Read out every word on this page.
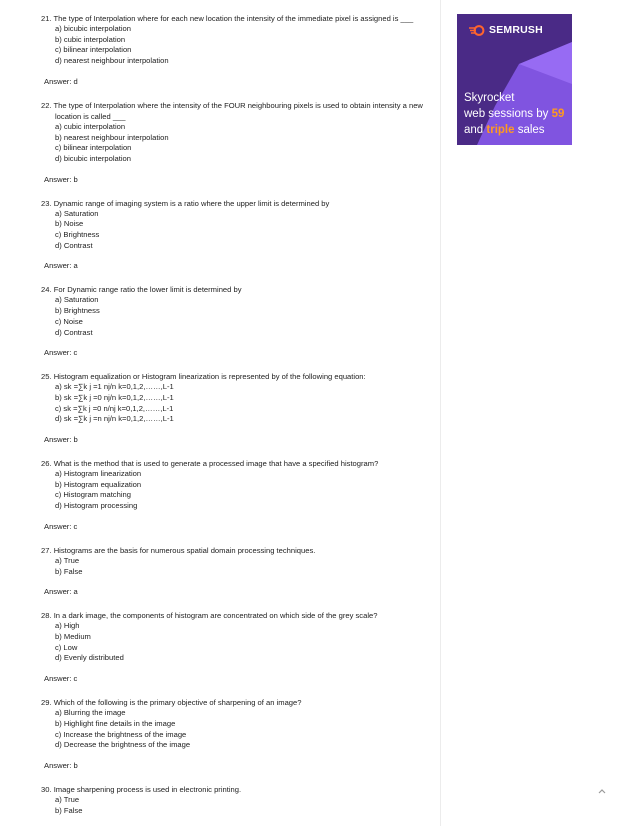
21. The type of Interpolation where for each new location the intensity of the immediate pixel is assigned is ___
a) bicubic interpolation
b) cubic interpolation
c) bilinear interpolation
d) nearest neighbour interpolation
Answer: d
22. The type of Interpolation where the intensity of the FOUR neighbouring pixels is used to obtain intensity a new location is called ___
a) cubic interpolation
b) nearest neighbour interpolation
c) bilinear interpolation
d) bicubic interpolation
Answer: b
23. Dynamic range of imaging system is a ratio where the upper limit is determined by
a) Saturation
b) Noise
c) Brightness
d) Contrast
Answer: a
24. For Dynamic range ratio the lower limit is determined by
a) Saturation
b) Brightness
c) Noise
d) Contrast
Answer: c
25. Histogram equalization or Histogram linearization is represented by of the following equation:
a) sk =∑k j =1 nj/n k=0,1,2,……,L-1
b) sk =∑k j =0 nj/n k=0,1,2,……,L-1
c) sk =∑k j =0 n/nj k=0,1,2,……,L-1
d) sk =∑k j =n nj/n k=0,1,2,……,L-1
Answer: b
26. What is the method that is used to generate a processed image that have a specified histogram?
a) Histogram linearization
b) Histogram equalization
c) Histogram matching
d) Histogram processing
Answer: c
27. Histograms are the basis for numerous spatial domain processing techniques.
a) True
b) False
Answer: a
28. In a dark image, the components of histogram are concentrated on which side of the grey scale?
a) High
b) Medium
c) Low
d) Evenly distributed
Answer: c
29. Which of the following is the primary objective of sharpening of an image?
a) Blurring the image
b) Highlight fine details in the image
c) Increase the brightness of the image
d) Decrease the brightness of the image
Answer: b
30. Image sharpening process is used in electronic printing.
a) True
b) False
SEMRUSH
Skyrocket
web sessions by 59
and triple sales
